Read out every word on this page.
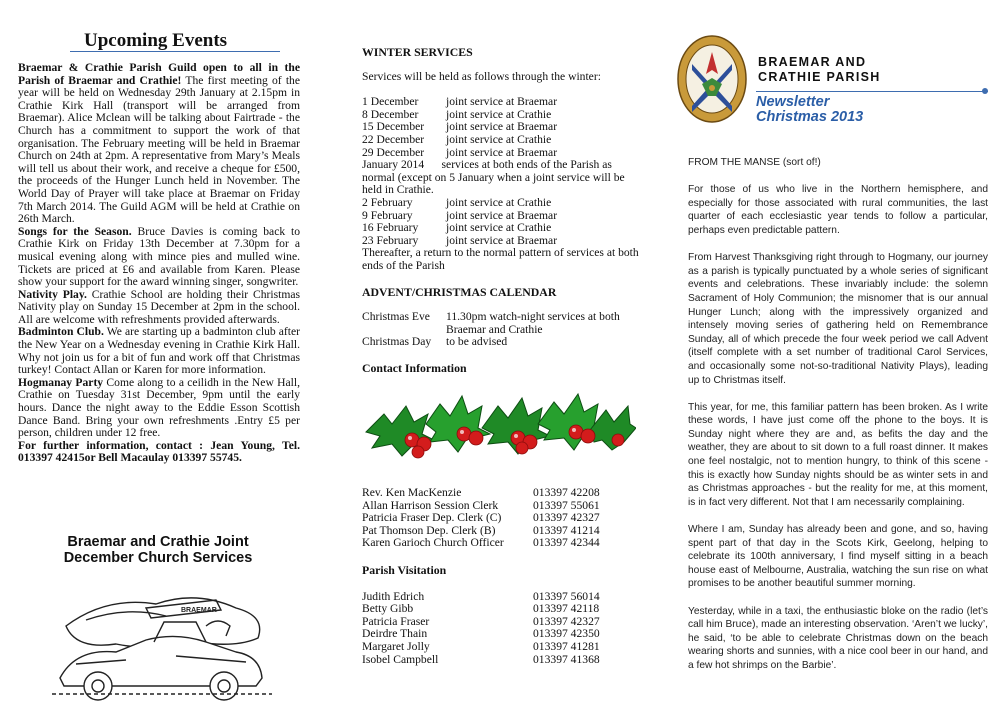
Upcoming Events

Braemar & Crathie Parish Guild open to all in the Parish of Braemar and Crathie! The first meeting of the year will be held on Wednesday 29th January at 2.15pm in Crathie Kirk Hall (transport will be arranged from Braemar). Alice Mclean will be talking about Fairtrade - the Church has a commitment to support the work of that organisation. The February meeting will be held in Braemar Church on 24th at 2pm. A representative from Mary’s Meals will tell us about their work, and receive a cheque for £500, the proceeds of the Hunger Lunch held in November. The World Day of Prayer will take place at Braemar on Friday 7th March 2014. The Guild AGM will be held at Crathie on 26th March.

Songs for the Season. Bruce Davies is coming back to Crathie Kirk on Friday 13th December at 7.30pm for a musical evening along with mince pies and mulled wine. Tickets are priced at £6 and available from Karen. Please show your support for the award winning singer, songwriter.

Nativity Play. Crathie School are holding their Christmas Nativity play on Sunday 15 December at 2pm in the school. All are welcome with refreshments provided afterwards.

Badminton Club. We are starting up a badminton club after the New Year on a Wednesday evening in Crathie Kirk Hall. Why not join us for a bit of fun and work off that Christmas turkey! Contact Allan or Karen for more information.

Hogmanay Party Come along to a ceilidh in the New Hall, Crathie on Tuesday 31st December, 9pm until the early hours. Dance the night away to the Eddie Esson Scottish Dance Band. Bring your own refreshments .Entry £5 per person, children under 12 free.

For further information, contact : Jean Young, Tel. 013397 42415or Bell Macaulay 013397 55745.

Braemar and Crathie Joint December Church Services
BRAEMAR
WINTER SERVICES
Services will be held as follows through the winter:
1 December	joint service at Braemar
8 December	joint service at Crathie
15 December	joint service at Braemar
22 December	joint service at Crathie
29 December	joint service at Braemar
January 2014      services at both ends of the Parish as normal (except on 5 January when a joint service will be held in Crathie.
2 February	joint service at Crathie
9 February	joint service at Braemar
16 February	joint service at Crathie
23 February	joint service at Braemar
Thereafter, a return to the normal pattern of services at both ends of the Parish
ADVENT/CHRISTMAS CALENDAR
Christmas Eve	11.30pm watch-night services at both Braemar and Crathie
Christmas Day	to be advised
Contact Information
Rev. Ken MacKenzie	013397 42208
Allan Harrison Session Clerk	013397 55061
Patricia Fraser Dep. Clerk (C)	013397 42327
Pat Thomson Dep. Clerk (B)	013397 41214
Karen Garioch Church Officer	013397 42344
Parish Visitation
Judith Edrich	013397 56014
Betty Gibb	013397 42118
Patricia Fraser	013397 42327
Deirdre Thain	013397 42350
Margaret Jolly	013397 41281
Isobel Campbell	013397 41368
BRAEMAR AND
CRATHIE PARISH
Newsletter
Christmas 2013

FROM THE MANSE (sort of!)

For those of us who live in the Northern hemisphere, and especially for those associated with rural communities, the last quarter of each ecclesiastic year tends to follow a particular, perhaps even predictable pattern.

From Harvest Thanksgiving right through to Hogmany, our journey as a parish is typically punctuated by a whole series of significant events and celebrations. These invariably include: the solemn Sacrament of Holy Communion; the misnomer that is our annual Hunger Lunch; along with the impressively organized and intensely moving series of gathering held on Remembrance Sunday, all of which precede the four week period we call Advent (itself complete with a set number of traditional Carol Services, and occasionally some not-so-traditional Nativity Plays), leading up to Christmas itself.

This year, for me, this familiar pattern has been broken. As I write these words, I have just come off the phone to the boys. It is Sunday night where they are and, as befits the day and the weather, they are about to sit down to a full roast dinner. It makes one feel nostalgic, not to mention hungry, to think of this scene - this is exactly how Sunday nights should be as winter sets in and as Christmas approaches - but the reality for me, at this moment, is in fact very different. Not that I am necessarily complaining.

Where I am, Sunday has already been and gone, and so, having spent part of that day in the Scots Kirk, Geelong, helping to celebrate its 100th anniversary, I find myself sitting in a beach house east of Melbourne, Australia, watching the sun rise on what promises to be another beautiful summer morning.

Yesterday, while in a taxi, the enthusiastic bloke on the radio (let’s call him Bruce), made an interesting observation. ‘Aren’t we lucky’, he said, ‘to be able to celebrate Christmas down on the beach wearing shorts and sunnies, with a nice cool beer in our hand, and a few hot shrimps on the Barbie’.
